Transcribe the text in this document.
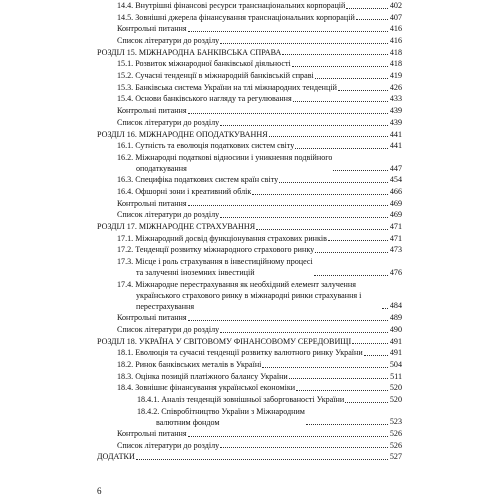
14.4. Внутрішні фінансові ресурси транснаціональних корпорацій	402
14.5. Зовнішні джерела фінансування транснаціональних корпорацій	407
Контрольні питання	416
Список літератури до розділу	416
РОЗДІЛ 15. МІЖНАРОДНА БАНКІВСЬКА СПРАВА	418
15.1. Розвиток міжнародної банківської діяльності	418
15.2. Сучасні тенденції в міжнародній банківській справі	419
15.3. Банківська система України на тлі міжнародних тенденцій	426
15.4. Основи банківського нагляду та регулювання	433
Контрольні питання	439
Список літератури до розділу	439
РОЗДІЛ 16. МІЖНАРОДНЕ ОПОДАТКУВАННЯ	441
16.1. Сутність та еволюція податкових систем світу	441
16.2. Міжнародні податкові відносини і уникнення подвійного
оподаткування	447
16.3. Специфіка податкових систем країн світу	454
16.4. Офшорні зони і креативний облік	466
Контрольні питання	469
Список літератури до розділу	469
РОЗДІЛ 17. МІЖНАРОДНЕ СТРАХУВАННЯ	471
17.1. Міжнародний досвід функціонування страхових ринків	471
17.2. Тенденції розвитку міжнародного страхового ринку	473
17.3. Місце і роль страхування в інвестиційному процесі
та залученні іноземних інвестицій	476
17.4. Міжнародне перестрахування як необхідний елемент залучення
українського страхового ринку в міжнародні ринки страхування і перестрахування	484
Контрольні питання	489
Список літератури до розділу	490
РОЗДІЛ 18. УКРАЇНА У СВІТОВОМУ ФІНАНСОВОМУ СЕРЕДОВИЩІ	491
18.1. Еволюція та сучасні тенденції розвитку валютного ринку України	491
18.2. Ринок банківських металів в Україні	504
18.3. Оцінка позицій платіжного балансу України	511
18.4. Зовнішнє фінансування української економіки	520
18.4.1. Аналіз тенденцій зовнішньої заборгованості України	520
18.4.2. Співробітництво України з Міжнародним
валютним фондом	523
Контрольні питання	526
Список літератури до розділу	526
ДОДАТКИ	527
6
